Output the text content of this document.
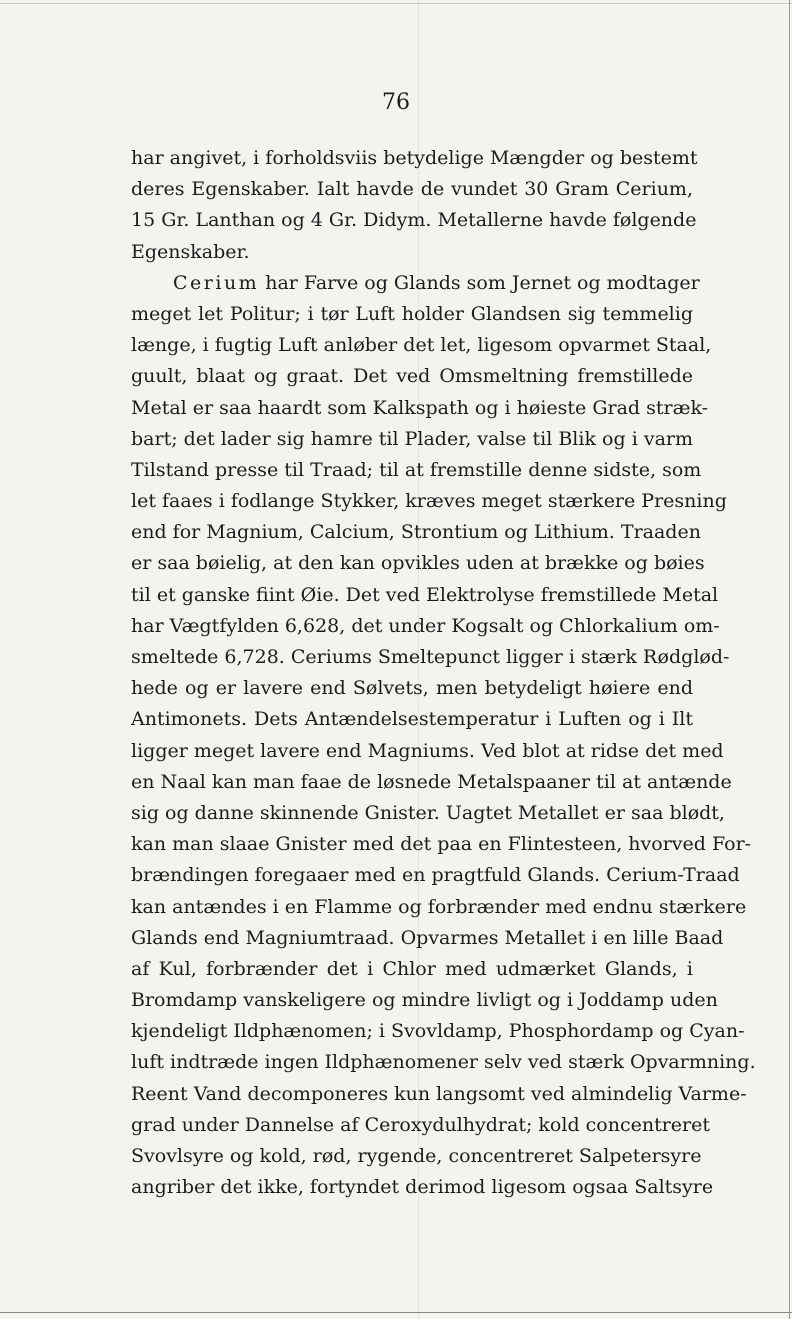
76
har angivet, i forholdsviis betydelige Mængder og bestemt
deres Egenskaber. Ialt havde de vundet 30 Gram Cerium,
15 Gr. Lanthan og 4 Gr. Didym. Metallerne havde følgende
Egenskaber.
Cerium har Farve og Glands som Jernet og modtager
meget let Politur; i tør Luft holder Glandsen sig temmelig
længe, i fugtig Luft anløber det let, ligesom opvarmet Staal,
guult, blaat og graat. Det ved Omsmeltning fremstillede
Metal er saa haardt som Kalkspath og i høieste Grad stræk-
bart; det lader sig hamre til Plader, valse til Blik og i varm
Tilstand presse til Traad; til at fremstille denne sidste, som
let faaes i fodlange Stykker, kræves meget stærkere Presning
end for Magnium, Calcium, Strontium og Lithium. Traaden
er saa bøielig, at den kan opvikles uden at brække og bøies
til et ganske fiint Øie. Det ved Elektrolyse fremstillede Metal
har Vægtfylden 6,628, det under Kogsalt og Chlorkalium om-
smeltede 6,728. Ceriums Smeltepunct ligger i stærk Rødglød-
hede og er lavere end Sølvets, men betydeligt høiere end
Antimonets. Dets Antændelsestemperatur i Luften og i Ilt
ligger meget lavere end Magniums. Ved blot at ridse det med
en Naal kan man faae de løsnede Metalspaaner til at antænde
sig og danne skinnende Gnister. Uagtet Metallet er saa blødt,
kan man slaae Gnister med det paa en Flintesteen, hvorved For-
brændingen foregaaer med en pragtfuld Glands. Cerium-Traad
kan antændes i en Flamme og forbrænder med endnu stærkere
Glands end Magniumtraad. Opvarmes Metallet i en lille Baad
af Kul, forbrænder det i Chlor med udmærket Glands, i
Bromdamp vanskeligere og mindre livligt og i Joddamp uden
kjendeligt Ildphænomen; i Svovldamp, Phosphordamp og Cyan-
luft indtræde ingen Ildphænomener selv ved stærk Opvarmning.
Reent Vand decomponeres kun langsomt ved almindelig Varme-
grad under Dannelse af Ceroxydulhydrat; kold concentreret
Svovlsyre og kold, rød, rygende, concentreret Salpetersyre
angriber det ikke, fortyndet derimod ligesom ogsaa Saltsyre
